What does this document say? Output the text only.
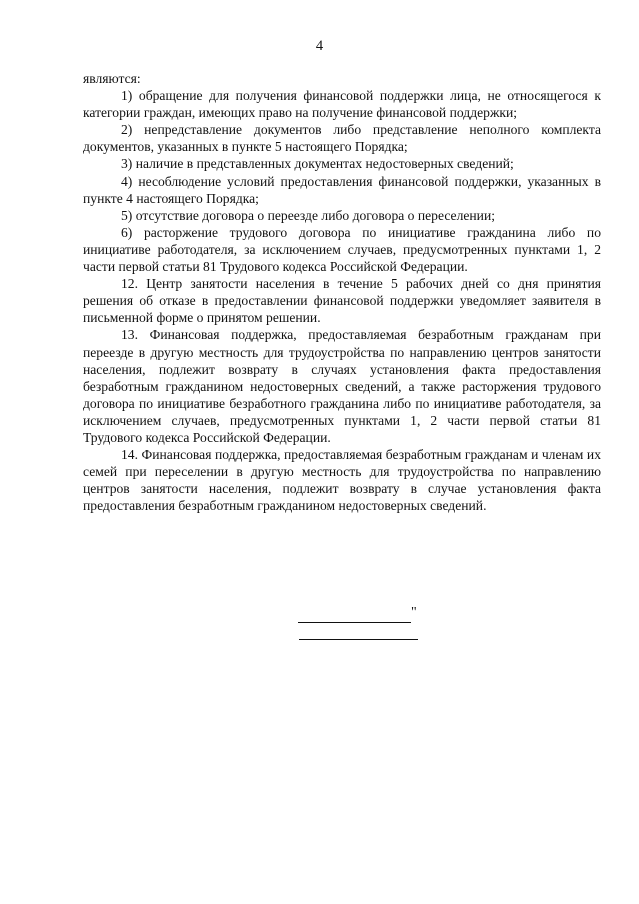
4

являются:

1) обращение для получения финансовой поддержки лица, не относящегося к категории граждан, имеющих право на получение финансовой поддержки;

2) непредставление документов либо представление неполного комплекта документов, указанных в пункте 5 настоящего Порядка;

3) наличие в представленных документах недостоверных сведений;

4) несоблюдение условий предоставления финансовой поддержки, указанных в пункте 4 настоящего Порядка;

5) отсутствие договора о переезде либо договора о переселении;

6) расторжение трудового договора по инициативе гражданина либо по инициативе работодателя, за исключением случаев, предусмотренных пунктами 1, 2 части первой статьи 81 Трудового кодекса Российской Федерации.

12. Центр занятости населения в течение 5 рабочих дней со дня принятия решения об отказе в предоставлении финансовой поддержки уведомляет заявителя в письменной форме о принятом решении.

13. Финансовая поддержка, предоставляемая безработным гражданам при переезде в другую местность для трудоустройства по направлению центров занятости населения, подлежит возврату в случаях установления факта предоставления безработным гражданином недостоверных сведений, а также расторжения трудового договора по инициативе безработного гражданина либо по инициативе работодателя, за исключением случаев, предусмотренных пунктами 1, 2 части первой статьи 81 Трудового кодекса Российской Федерации.

14. Финансовая поддержка, предоставляемая безработным гражданам и членам их семей при переселении в другую местность для трудоустройства по направлению центров занятости населения, подлежит возврату в случае установления факта предоставления безработным гражданином недостоверных сведений.

"
